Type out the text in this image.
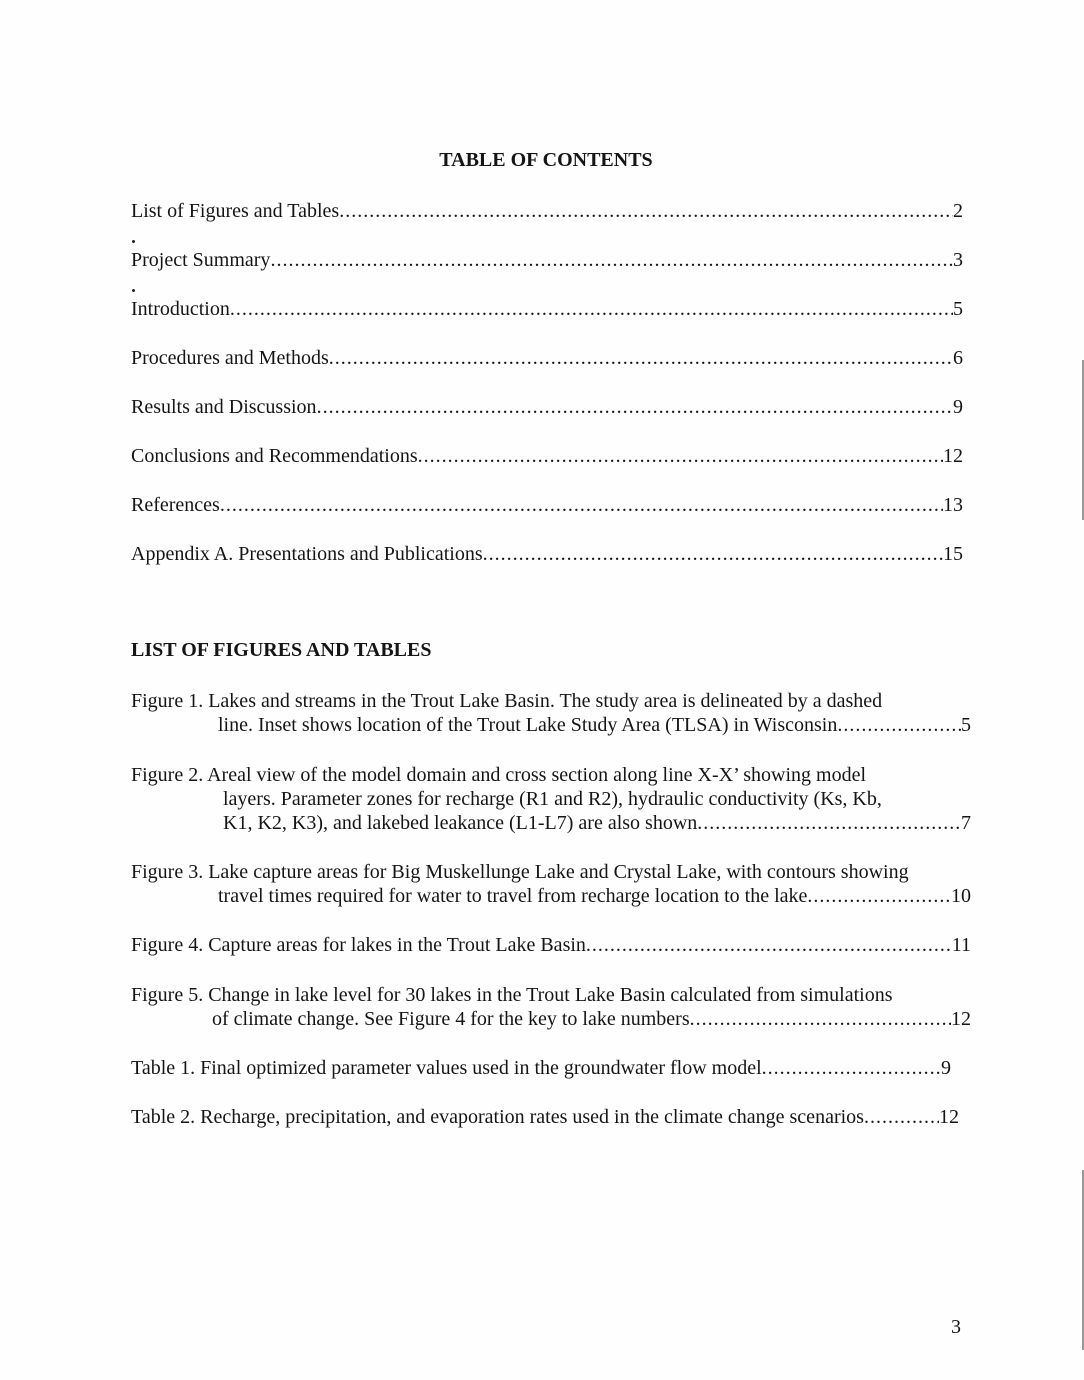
TABLE OF CONTENTS
List of Figures and Tables .....	2
Project Summary .....	3
Introduction .....	5
Procedures and Methods .....	6
Results and Discussion .....	9
Conclusions and Recommendations .....	12
References .....	13
Appendix A. Presentations and Publications .....	15
LIST OF FIGURES AND TABLES
Figure 1. Lakes and streams in the Trout Lake Basin. The study area is delineated by a dashed
line. Inset shows location of the Trout Lake Study Area (TLSA) in Wisconsin .....	5
Figure 2. Areal view of the model domain and cross section along line X-X’ showing model
layers. Parameter zones for recharge (R1 and R2), hydraulic conductivity (Ks, Kb,
K1, K2, K3), and lakebed leakance (L1-L7) are also shown .....	7
Figure 3. Lake capture areas for Big Muskellunge Lake and Crystal Lake, with contours showing
travel times required for water to travel from recharge location to the lake .....	10
Figure 4. Capture areas for lakes in the Trout Lake Basin .....	11
Figure 5. Change in lake level for 30 lakes in the Trout Lake Basin calculated from simulations
of climate change. See Figure 4 for the key to lake numbers .....	12
Table 1. Final optimized parameter values used in the groundwater flow model .....	9
Table 2. Recharge, precipitation, and evaporation rates used in the climate change scenarios .....	12
3
